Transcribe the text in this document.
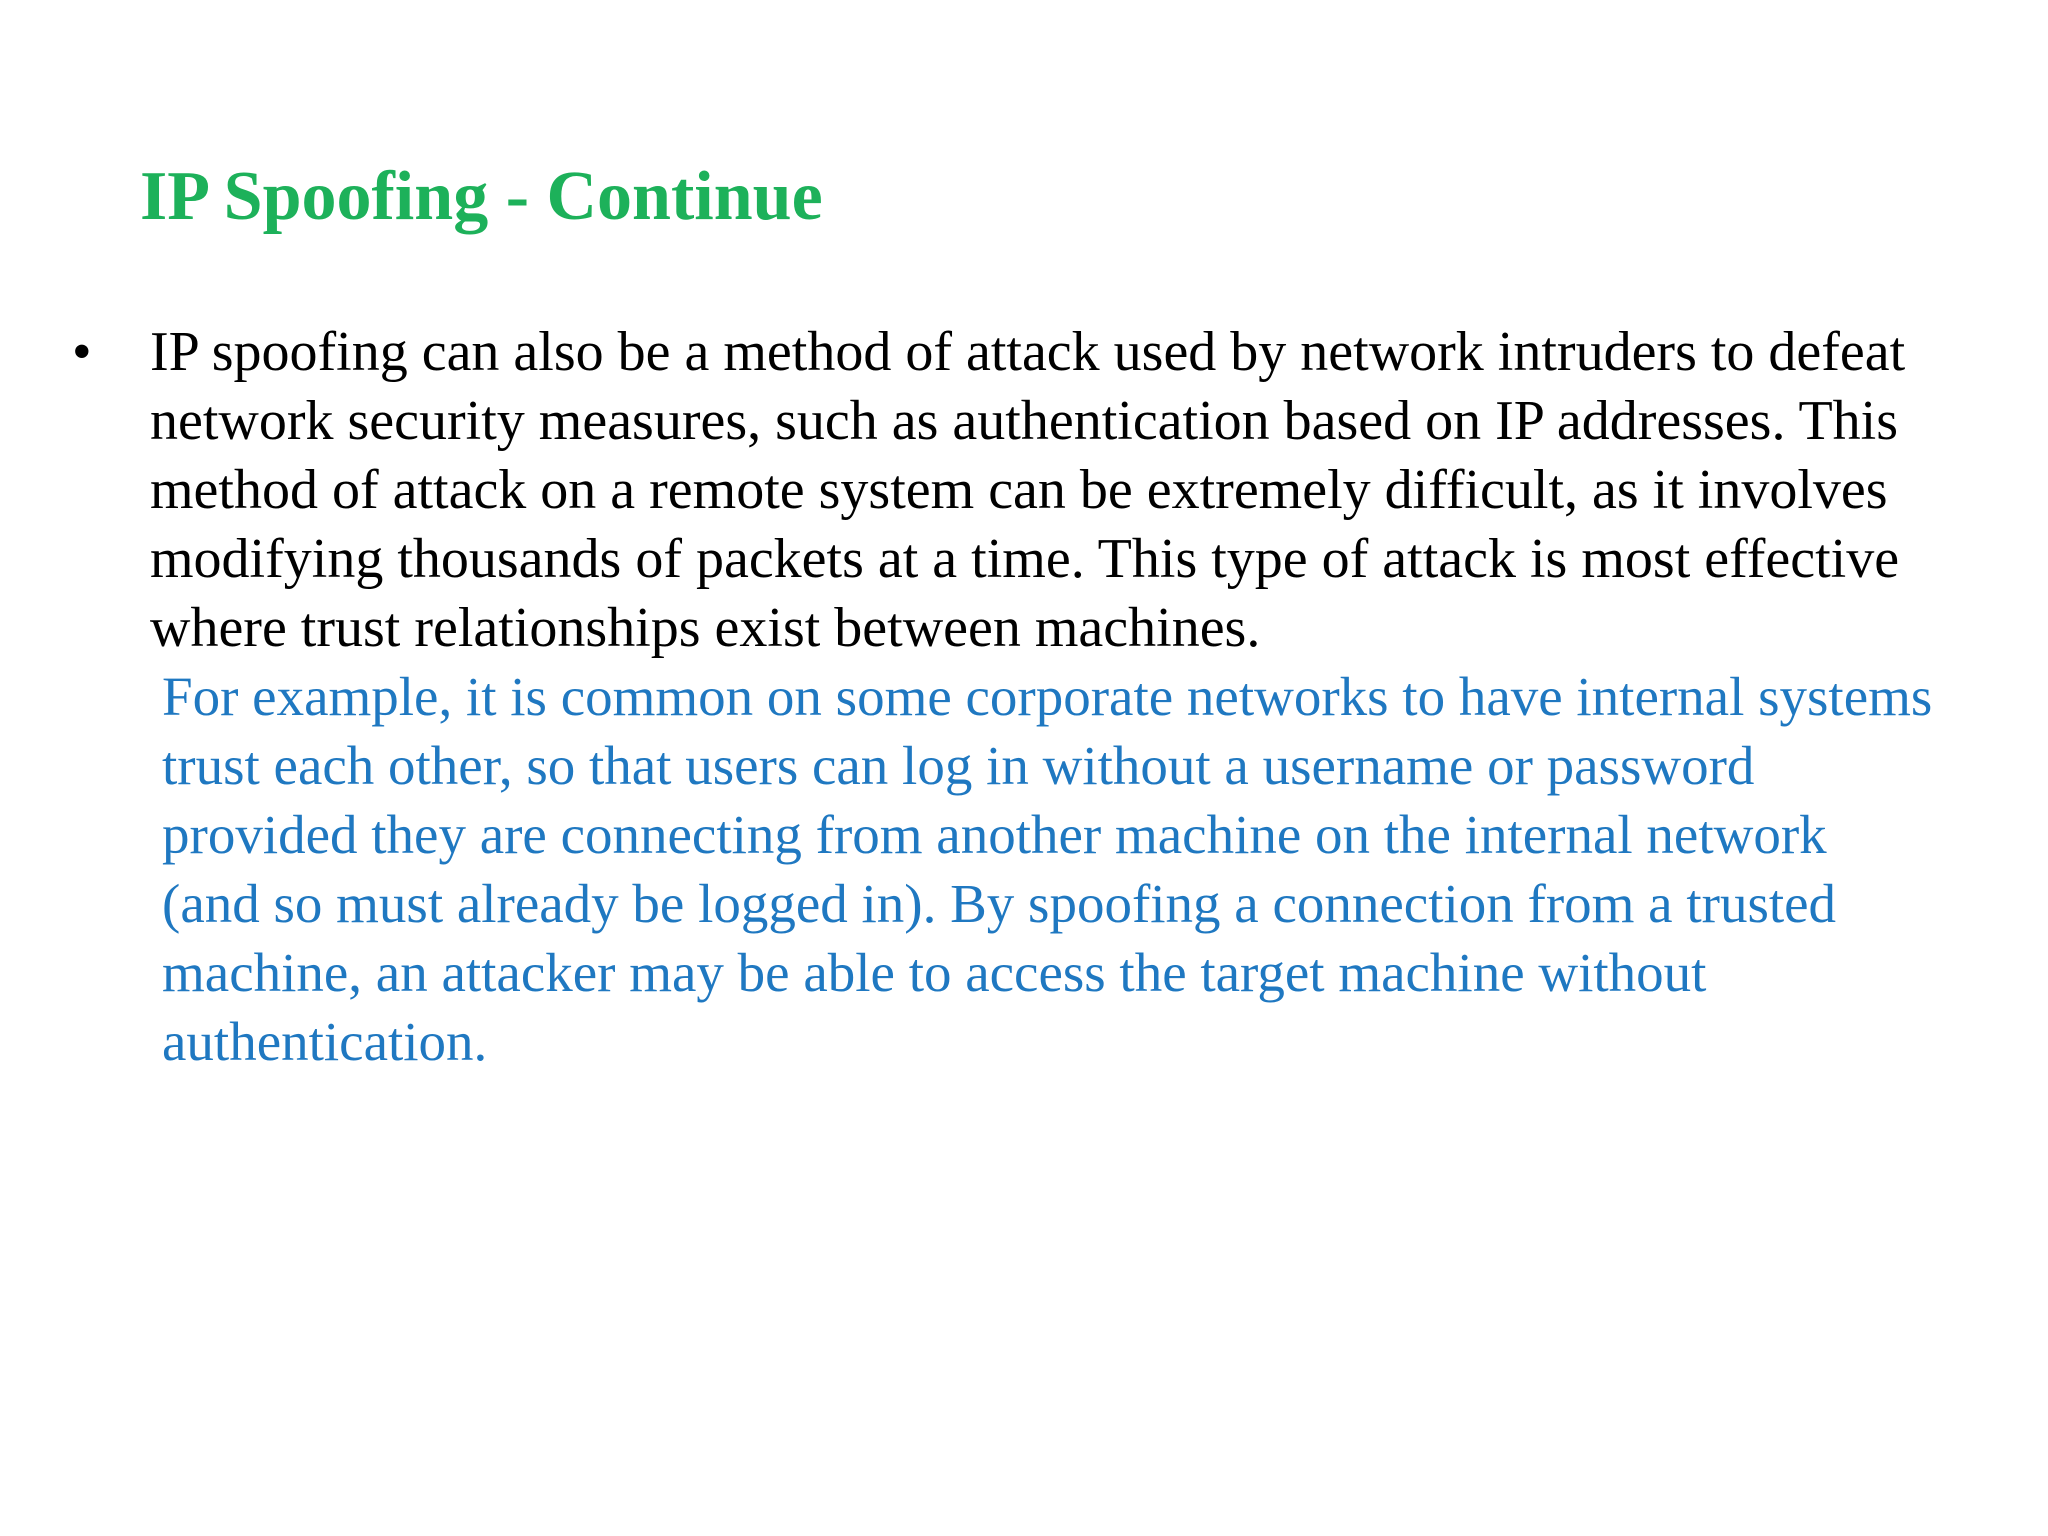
IP Spoofing - Continue
• IP spoofing can also be a method of attack used by network intruders to defeat
network security measures, such as authentication based on IP addresses. This
method of attack on a remote system can be extremely difficult, as it involves
modifying thousands of packets at a time. This type of attack is most effective
where trust relationships exist between machines.
For example, it is common on some corporate networks to have internal systems
trust each other, so that users can log in without a username or password
provided they are connecting from another machine on the internal network
(and so must already be logged in). By spoofing a connection from a trusted
machine, an attacker may be able to access the target machine without
authentication.
